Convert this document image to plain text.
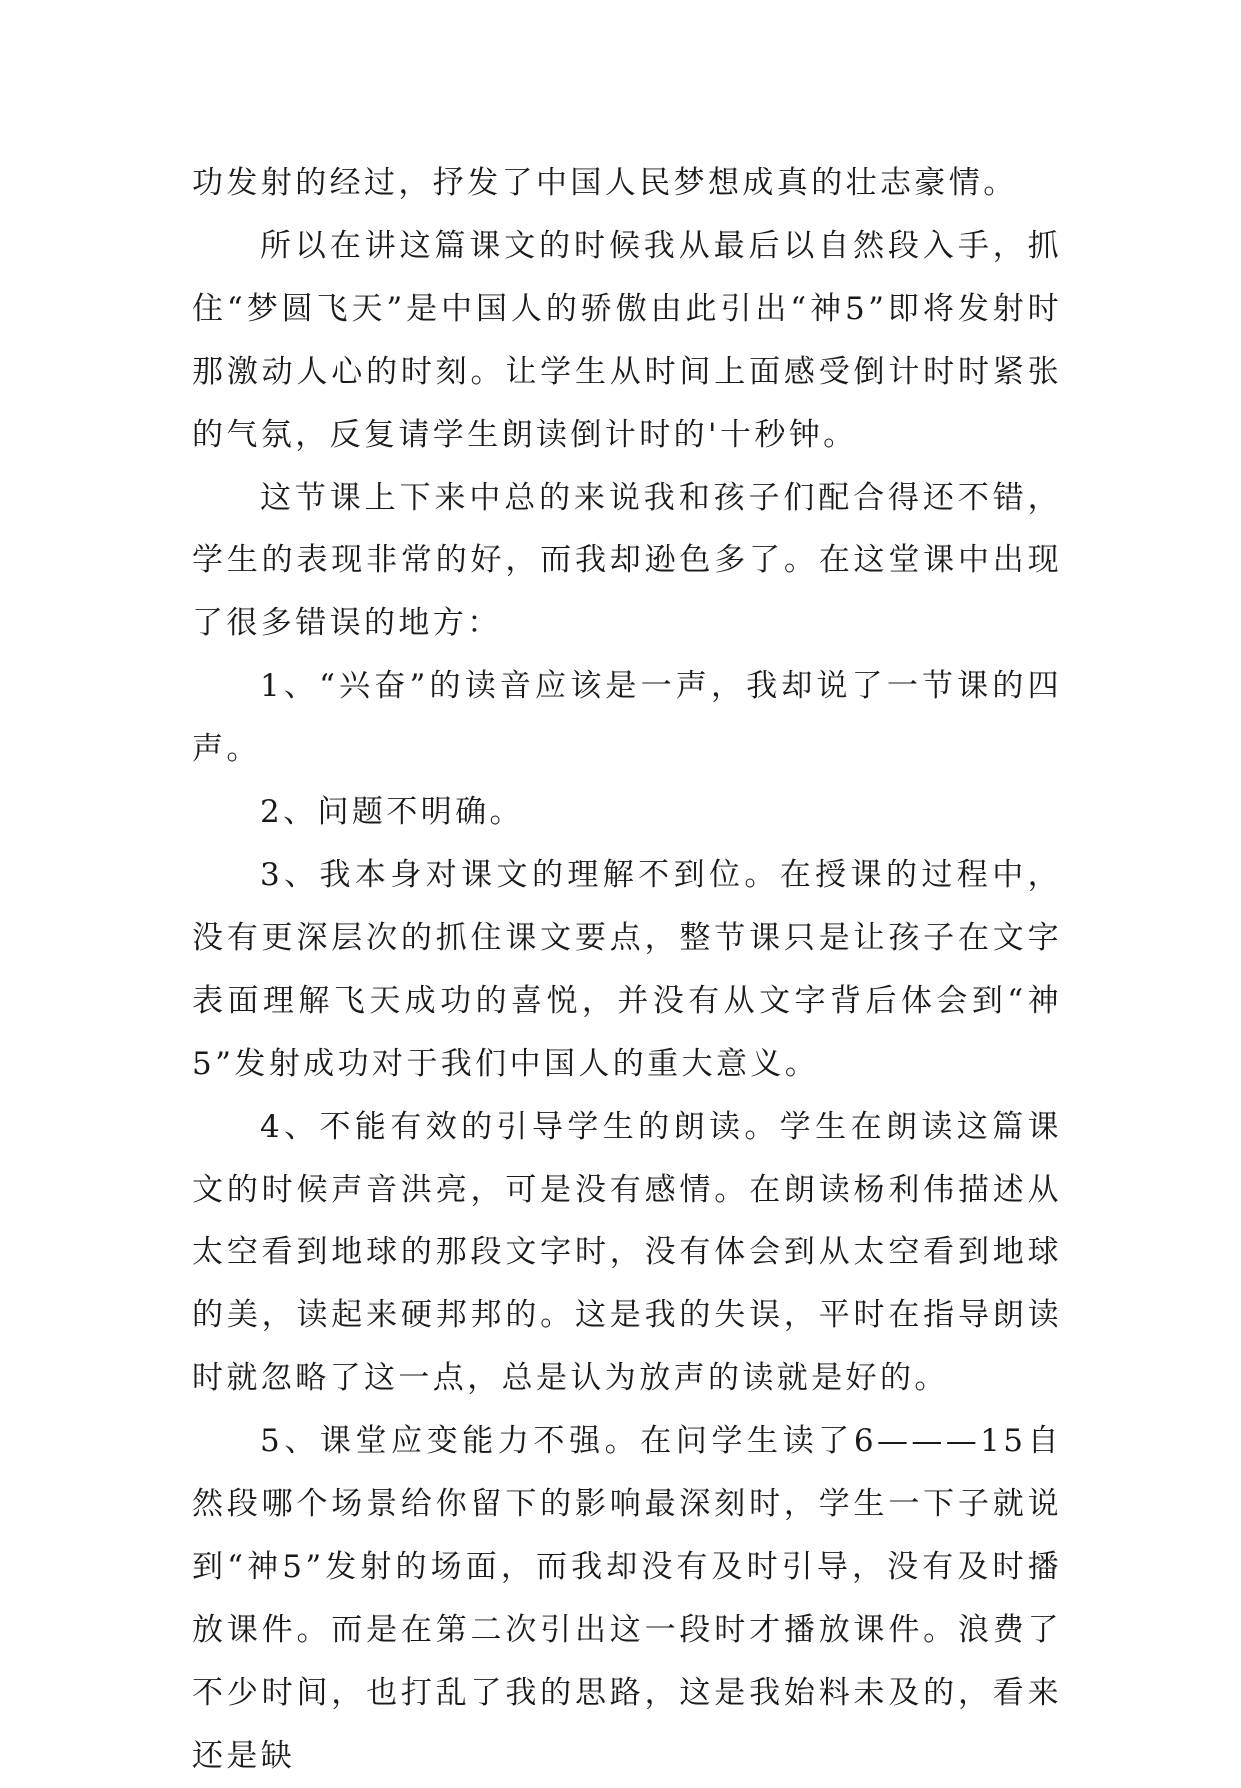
功发射的经过，抒发了中国人民梦想成真的壮志豪情。

所以在讲这篇课文的时候我从最后以自然段入手，抓住“梦圆飞天”是中国人的骄傲由此引出“神5”即将发射时那激动人心的时刻。让学生从时间上面感受倒计时时紧张的气氛，反复请学生朗读倒计时的'十秒钟。

这节课上下来中总的来说我和孩子们配合得还不错，学生的表现非常的好，而我却逊色多了。在这堂课中出现了很多错误的地方：

1、“兴奋”的读音应该是一声，我却说了一节课的四声。

2、问题不明确。

3、我本身对课文的理解不到位。在授课的过程中，没有更深层次的抓住课文要点，整节课只是让孩子在文字表面理解飞天成功的喜悦，并没有从文字背后体会到“神5”发射成功对于我们中国人的重大意义。

4、不能有效的引导学生的朗读。学生在朗读这篇课文的时候声音洪亮，可是没有感情。在朗读杨利伟描述从太空看到地球的那段文字时，没有体会到从太空看到地球的美，读起来硬邦邦的。这是我的失误，平时在指导朗读时就忽略了这一点，总是认为放声的读就是好的。

5、课堂应变能力不强。在问学生读了6———15自然段哪个场景给你留下的影响最深刻时，学生一下子就说到“神5”发射的场面，而我却没有及时引导，没有及时播放课件。而是在第二次引出这一段时才播放课件。浪费了不少时间，也打乱了我的思路，这是我始料未及的，看来还是缺
